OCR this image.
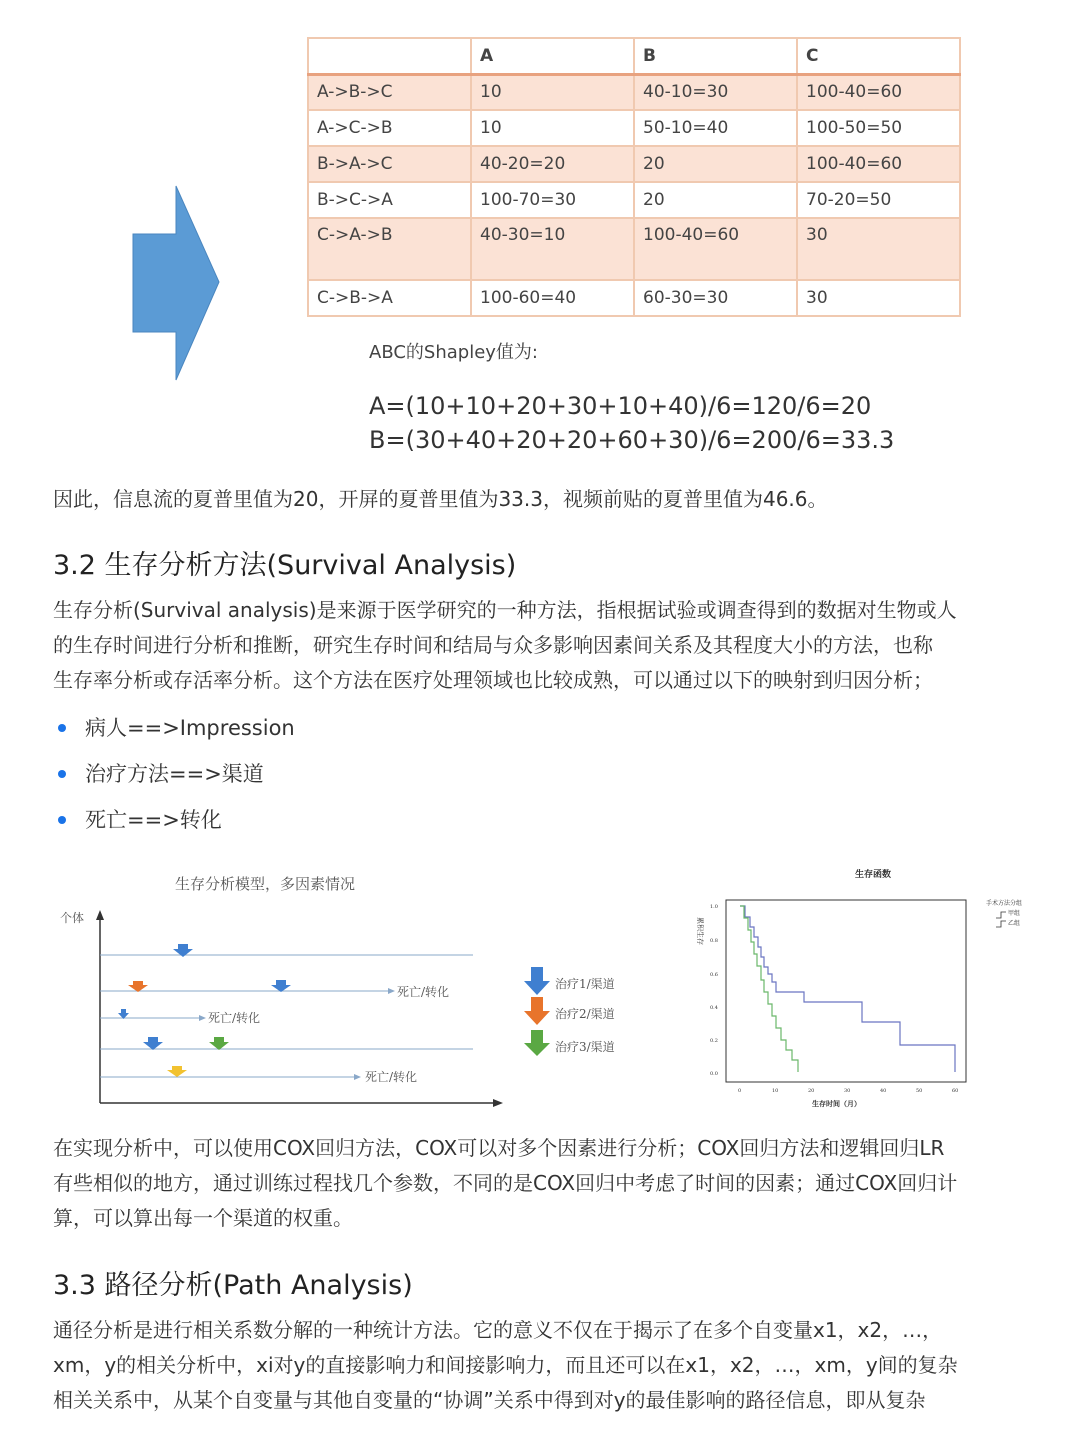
	A	B	C
A->B->C	10	40-10=30	100-40=60
A->C->B	10	50-10=40	100-50=50
B->A->C	40-20=20	20	100-40=60
B->C->A	100-70=30	20	70-20=50
C->A->B	40-30=10	100-40=60	30
C->B->A	100-60=40	60-30=30	30
ABC的Shapley值为:
A=(10+10+20+30+10+40)/6=120/6=20
B=(30+40+20+20+60+30)/6=200/6=33.3

因此，信息流的夏普里值为20，开屏的夏普里值为33.3，视频前贴的夏普里值为46.6。

3.2 生存分析方法(Survival Analysis)
生存分析(Survival analysis)是来源于医学研究的一种方法，指根据试验或调查得到的数据对生物或人
的生存时间进行分析和推断，研究生存时间和结局与众多影响因素间关系及其程度大小的方法，也称
生存率分析或存活率分析。这个方法在医疗处理领域也比较成熟，可以通过以下的映射到归因分析；
病人==>Impression
治疗方法==>渠道
死亡==>转化
生存分析模型，多因素情况
个体
死亡/转化
死亡/转化
死亡/转化
治疗1/渠道
治疗2/渠道
治疗3/渠道
生存函数
累积生存
1.0
0.8
0.6
0.4
0.2
0.0
0	10	20	30	40	50	60
生存时间（月）
手术方法分组
甲组
乙组
在实现分析中，可以使用COX回归方法，COX可以对多个因素进行分析；COX回归方法和逻辑回归LR
有些相似的地方，通过训练过程找几个参数，不同的是COX回归中考虑了时间的因素；通过COX回归计
算，可以算出每一个渠道的权重。
3.3 路径分析(Path Analysis)
通径分析是进行相关系数分解的一种统计方法。它的意义不仅在于揭示了在多个自变量x1，x2，…，
xm，y的相关分析中，xi对y的直接影响力和间接影响力，而且还可以在x1，x2，…，xm，y间的复杂
相关关系中，从某个自变量与其他自变量的“协调”关系中得到对y的最佳影响的路径信息，即从复杂
